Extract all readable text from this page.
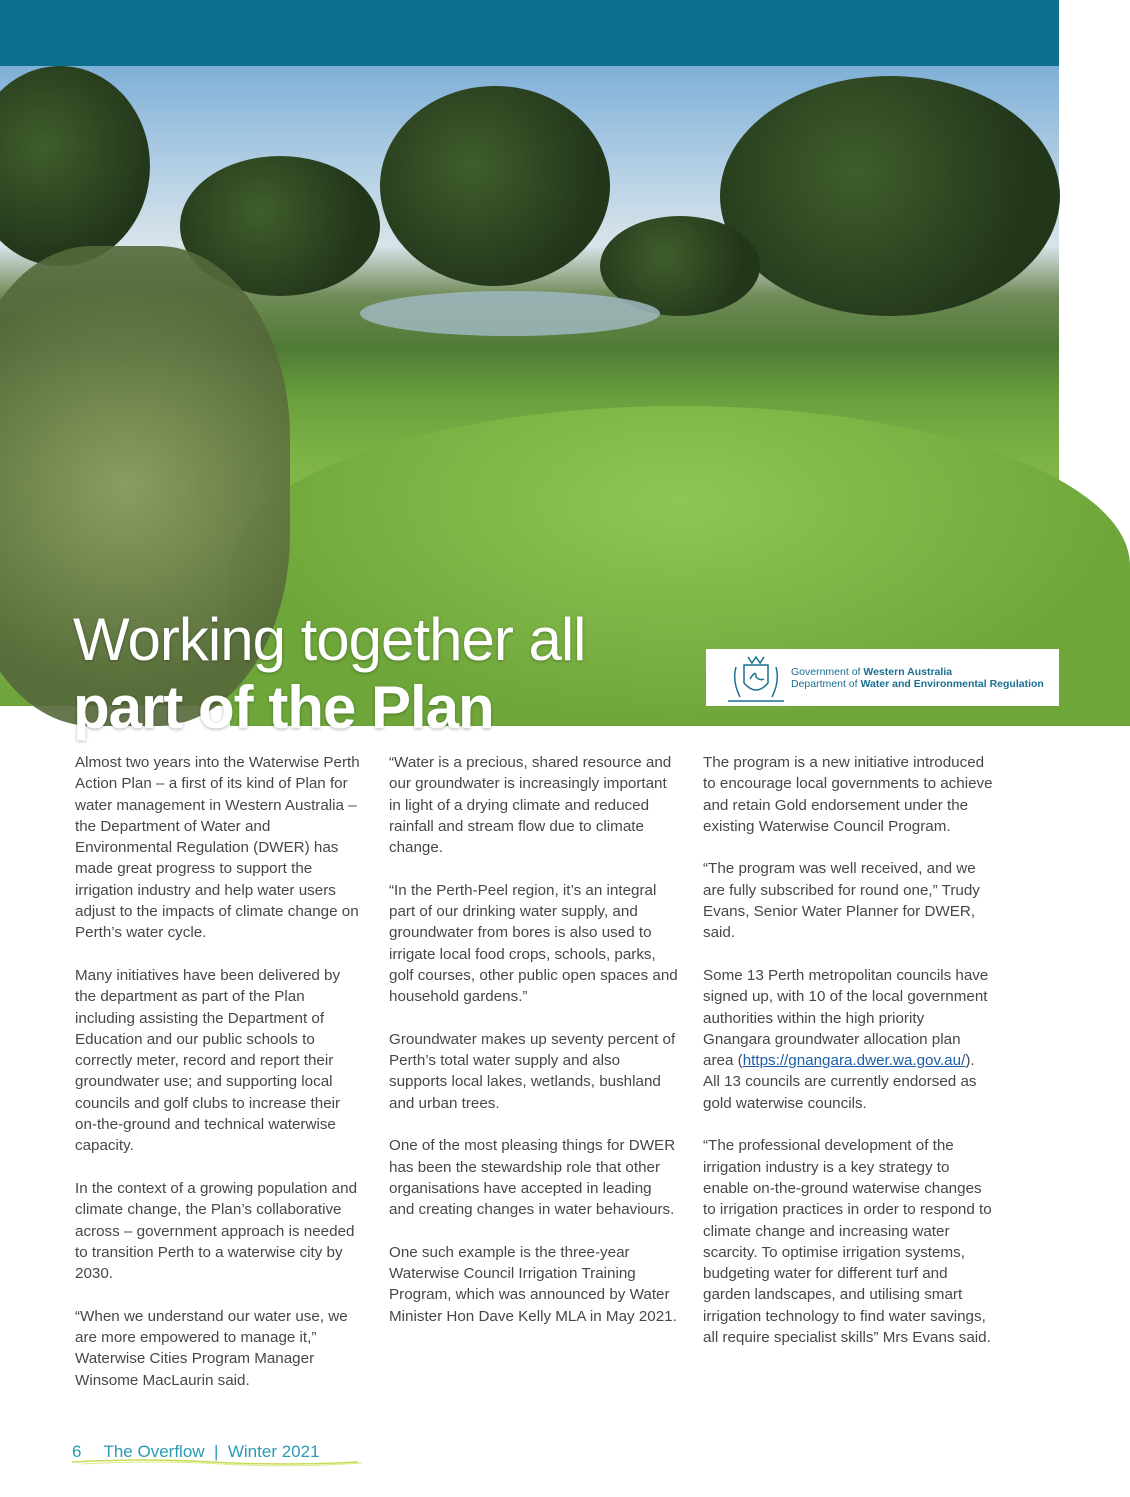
Working together all
part of the Plan
Government of Western Australia
Department of Water and Environmental Regulation

Almost two years into the Waterwise Perth Action Plan – a first of its kind of Plan for water management in Western Australia – the Department of Water and Environmental Regulation (DWER) has made great progress to support the irrigation industry and help water users adjust to the impacts of climate change on Perth’s water cycle.

Many initiatives have been delivered by the department as part of the Plan including assisting the Department of Education and our public schools to correctly meter, record and report their groundwater use; and supporting local councils and golf clubs to increase their on-the-ground and technical waterwise capacity.

In the context of a growing population and climate change, the Plan’s collaborative across – government approach is needed to transition Perth to a waterwise city by 2030.

“When we understand our water use, we are more empowered to manage it,” Waterwise Cities Program Manager Winsome MacLaurin said.

“Water is a precious, shared resource and our groundwater is increasingly important in light of a drying climate and reduced rainfall and stream flow due to climate change.

“In the Perth-Peel region, it’s an integral part of our drinking water supply, and groundwater from bores is also used to irrigate local food crops, schools, parks, golf courses, other public open spaces and household gardens.”

Groundwater makes up seventy percent of Perth’s total water supply and also supports local lakes, wetlands, bushland and urban trees.

One of the most pleasing things for DWER has been the stewardship role that other organisations have accepted in leading and creating changes in water behaviours.

One such example is the three-year Waterwise Council Irrigation Training Program, which was announced by Water Minister Hon Dave Kelly MLA in May 2021.

The program is a new initiative introduced to encourage local governments to achieve and retain Gold endorsement under the existing Waterwise Council Program.

“The program was well received, and we are fully subscribed for round one,” Trudy Evans, Senior Water Planner for DWER, said.

Some 13 Perth metropolitan councils have signed up, with 10 of the local government authorities within the high priority Gnangara groundwater allocation plan area (https://gnangara.dwer.wa.gov.au/). All 13 councils are currently endorsed as gold waterwise councils.

“The professional development of the irrigation industry is a key strategy to enable on-the-ground waterwise changes to irrigation practices in order to respond to climate change and increasing water scarcity. To optimise irrigation systems, budgeting water for different turf and garden landscapes, and utilising smart irrigation technology to find water savings, all require specialist skills” Mrs Evans said.

6 The Overflow  |  Winter 2021
